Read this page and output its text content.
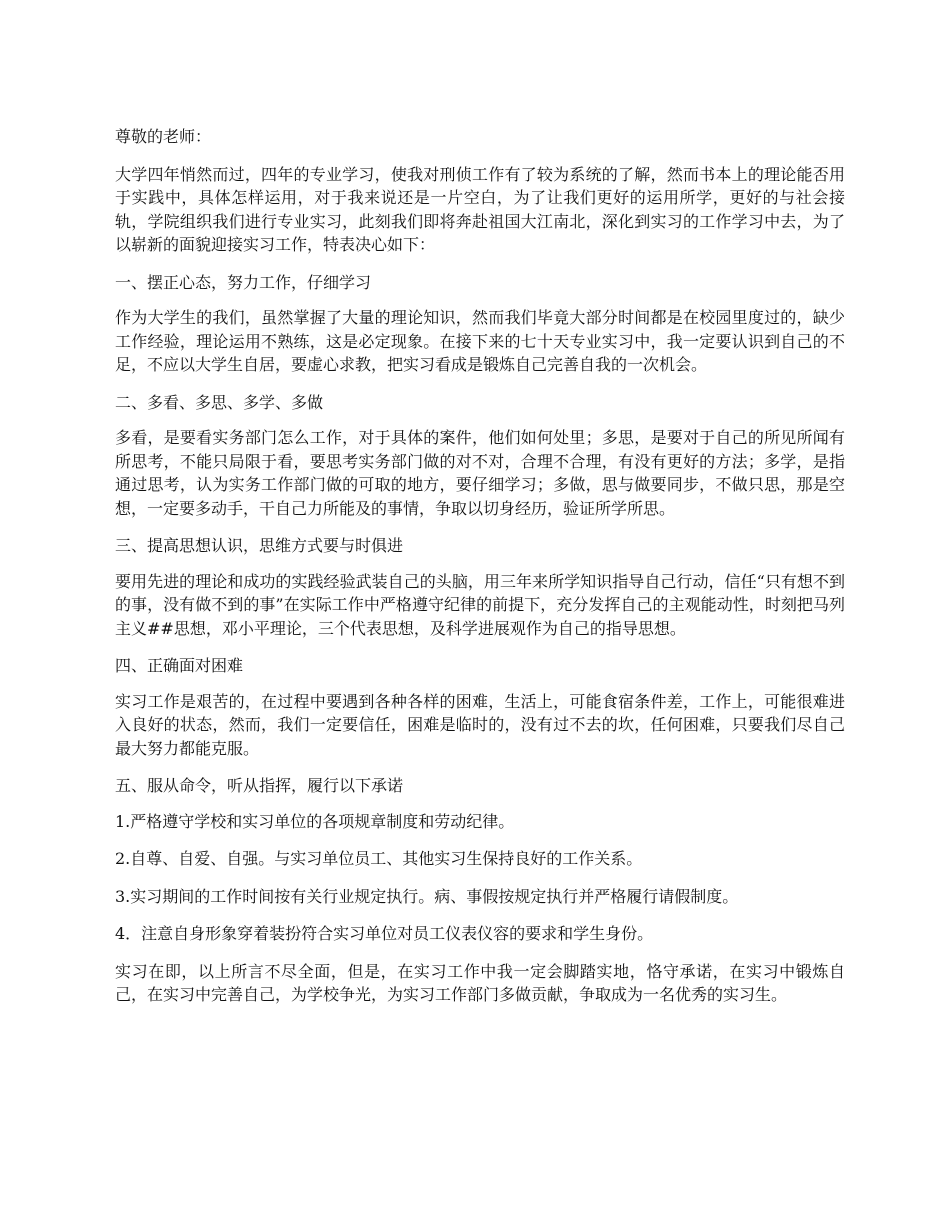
尊敬的老师：

大学四年悄然而过，四年的专业学习，使我对刑侦工作有了较为系统的了解，然而书本上的理论能否用于实践中，具体怎样运用，对于我来说还是一片空白，为了让我们更好的运用所学，更好的与社会接轨，学院组织我们进行专业实习，此刻我们即将奔赴祖国大江南北，深化到实习的工作学习中去，为了以崭新的面貌迎接实习工作，特表决心如下：

一、摆正心态，努力工作，仔细学习

作为大学生的我们，虽然掌握了大量的理论知识，然而我们毕竟大部分时间都是在校园里度过的，缺少工作经验，理论运用不熟练，这是必定现象。在接下来的七十天专业实习中，我一定要认识到自己的不足，不应以大学生自居，要虚心求教，把实习看成是锻炼自己完善自我的一次机会。

二、多看、多思、多学、多做

多看，是要看实务部门怎么工作，对于具体的案件，他们如何处里；多思，是要对于自己的所见所闻有所思考，不能只局限于看，要思考实务部门做的对不对，合理不合理，有没有更好的方法；多学，是指通过思考，认为实务工作部门做的可取的地方，要仔细学习；多做，思与做要同步，不做只思，那是空想，一定要多动手，干自己力所能及的事情，争取以切身经历，验证所学所思。

三、提高思想认识，思维方式要与时俱进

要用先进的理论和成功的实践经验武装自己的头脑，用三年来所学知识指导自己行动，信任“只有想不到的事，没有做不到的事”在实际工作中严格遵守纪律的前提下，充分发挥自己的主观能动性，时刻把马列主义##思想，邓小平理论，三个代表思想，及科学进展观作为自己的指导思想。

四、正确面对困难

实习工作是艰苦的，在过程中要遇到各种各样的困难，生活上，可能食宿条件差，工作上，可能很难进入良好的状态，然而，我们一定要信任，困难是临时的，没有过不去的坎，任何困难，只要我们尽自己最大努力都能克服。

五、服从命令，听从指挥，履行以下承诺

1.严格遵守学校和实习单位的各项规章制度和劳动纪律。

2.自尊、自爱、自强。与实习单位员工、其他实习生保持良好的工作关系。

3.实习期间的工作时间按有关行业规定执行。病、事假按规定执行并严格履行请假制度。

4．注意自身形象穿着装扮符合实习单位对员工仪表仪容的要求和学生身份。

实习在即，以上所言不尽全面，但是，在实习工作中我一定会脚踏实地，恪守承诺，在实习中锻炼自己，在实习中完善自己，为学校争光，为实习工作部门多做贡献，争取成为一名优秀的实习生。
